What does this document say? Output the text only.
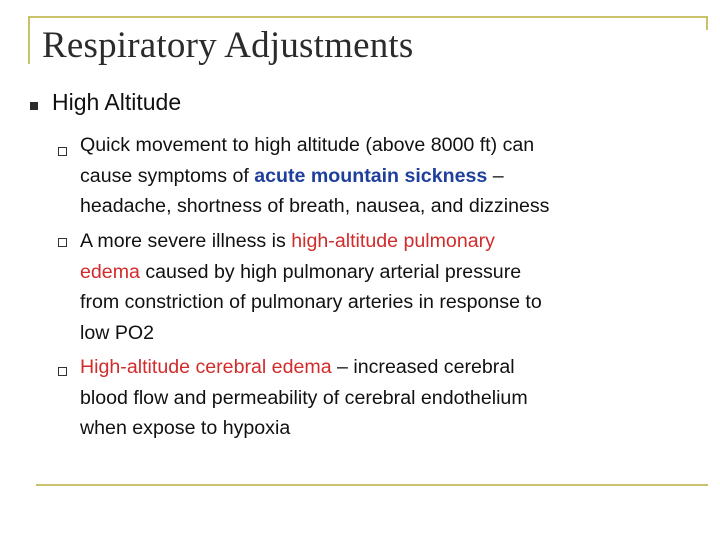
Respiratory Adjustments
High Altitude
Quick movement to high altitude (above 8000 ft) can
cause symptoms of acute mountain sickness –
headache, shortness of breath, nausea, and dizziness
A more severe illness is high-altitude pulmonary
edema caused by high pulmonary arterial pressure
from constriction of pulmonary arteries in response to
low PO2
High-altitude cerebral edema – increased cerebral
blood flow and permeability of cerebral endothelium
when expose to hypoxia
